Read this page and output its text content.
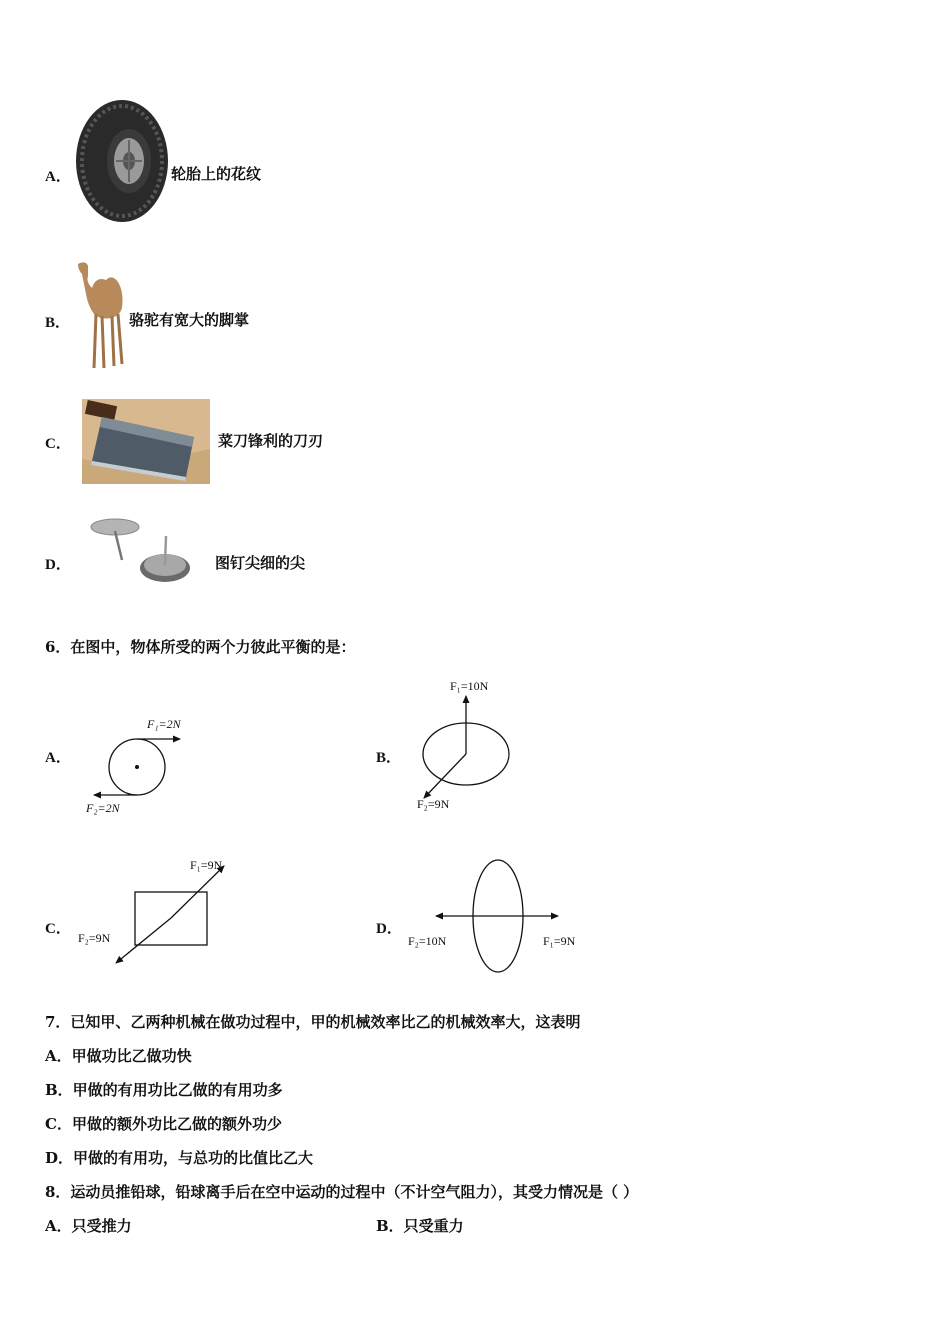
A．	轮胎上的花纹
B．	骆驼有宽大的脚掌
C．	菜刀锋利的刀刃
D．	图钉尖细的尖
6．在图中，物体所受的两个力彼此平衡的是：
A．
F₁=2N
F₂=2N
B．
F₁=10N
F₂=9N
C．
F₁=9N
F₂=9N
D．
F₁=9N
F₂=10N
7．已知甲、乙两种机械在做功过程中，甲的机械效率比乙的机械效率大，这表明
A．甲做功比乙做功快
B．甲做的有用功比乙做的有用功多
C．甲做的额外功比乙做的额外功少
D．甲做的有用功，与总功的比值比乙大
8．运动员推铅球，铅球离手后在空中运动的过程中（不计空气阻力），其受力情况是（ ）
A．只受推力	B．只受重力
